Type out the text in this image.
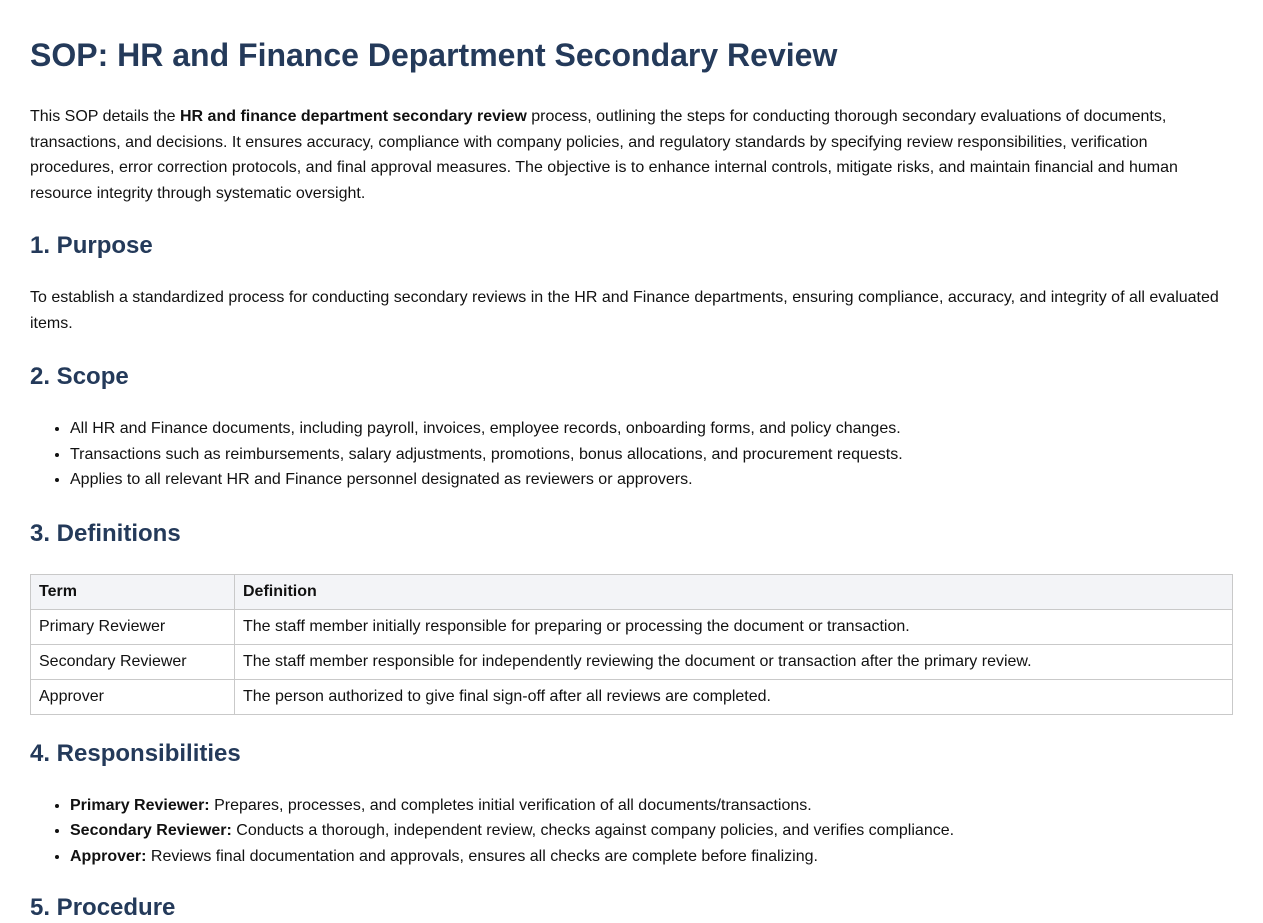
SOP: HR and Finance Department Secondary Review

This SOP details the HR and finance department secondary review process, outlining the steps for conducting thorough secondary evaluations of documents, transactions, and decisions. It ensures accuracy, compliance with company policies, and regulatory standards by specifying review responsibilities, verification procedures, error correction protocols, and final approval measures. The objective is to enhance internal controls, mitigate risks, and maintain financial and human resource integrity through systematic oversight.

1. Purpose

To establish a standardized process for conducting secondary reviews in the HR and Finance departments, ensuring compliance, accuracy, and integrity of all evaluated items.

2. Scope
• All HR and Finance documents, including payroll, invoices, employee records, onboarding forms, and policy changes.
• Transactions such as reimbursements, salary adjustments, promotions, bonus allocations, and procurement requests.
• Applies to all relevant HR and Finance personnel designated as reviewers or approvers.
3. Definitions
Term	Definition
Primary Reviewer	The staff member initially responsible for preparing or processing the document or transaction.
Secondary Reviewer	The staff member responsible for independently reviewing the document or transaction after the primary review.
Approver	The person authorized to give final sign-off after all reviews are completed.
4. Responsibilities
• Primary Reviewer: Prepares, processes, and completes initial verification of all documents/transactions.
• Secondary Reviewer: Conducts a thorough, independent review, checks against company policies, and verifies compliance.
• Approver: Reviews final documentation and approvals, ensures all checks are complete before finalizing.
5. Procedure
